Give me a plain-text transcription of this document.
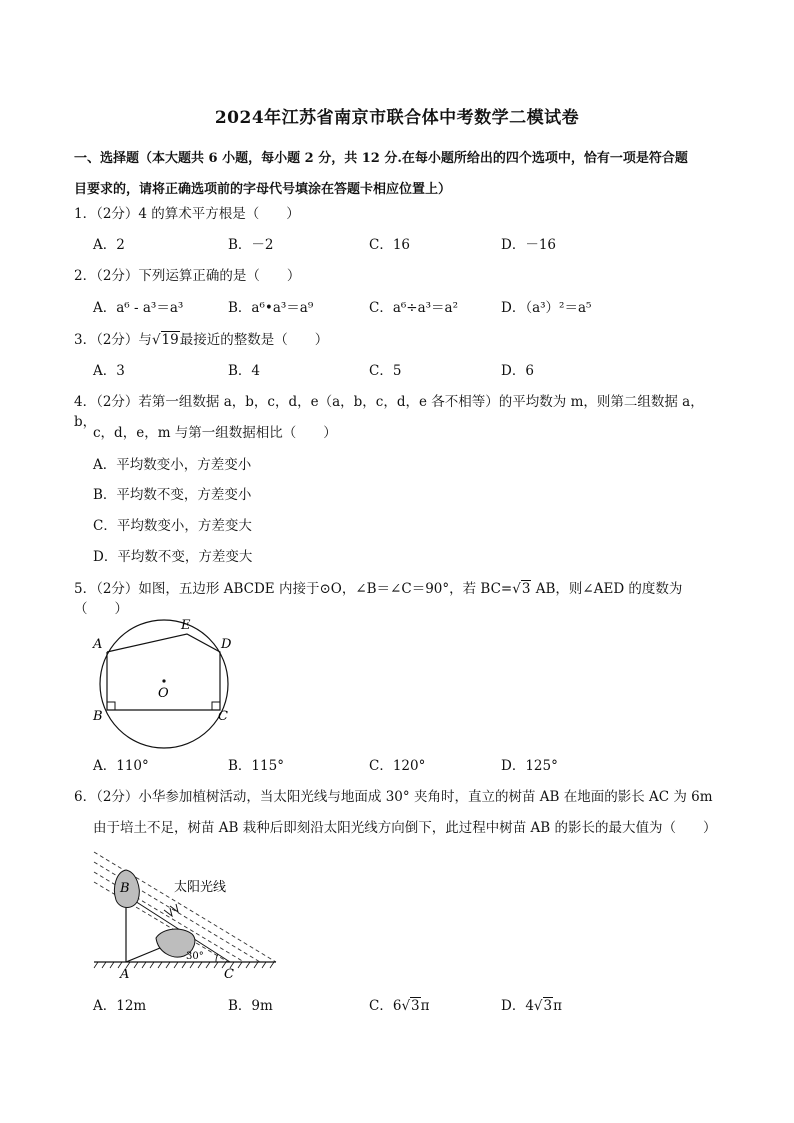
2024年江苏省南京市联合体中考数学二模试卷
一、选择题（本大题共 6 小题，每小题 2 分，共 12 分.在每小题所给出的四个选项中，恰有一项是符合题
目要求的，请将正确选项前的字母代号填涂在答题卡相应位置上）
1．（2分）4 的算术平方根是（　　）
A．2	B．－2	C．16	D．－16
2．（2分）下列运算正确的是（　　）
A．a⁶ - a³＝a³	B．a⁶•a³＝a⁹	C．a⁶÷a³＝a²	D．（a³）²＝a⁵
3．（2分）与√19最接近的整数是（　　）
A．3	B．4	C．5	D．6
4．（2分）若第一组数据 a，b，c，d，e（a，b，c，d，e 各不相等）的平均数为 m，则第二组数据 a，b，
c，d，e，m 与第一组数据相比（　　）
A．平均数变小，方差变小
B．平均数不变，方差变小
C．平均数变小，方差变大
D．平均数不变，方差变大
5．（2分）如图，五边形 ABCDE 内接于⊙O，∠B＝∠C＝90°，若 BC=√3 AB，则∠AED 的度数为（　　）
A
B	C
D
E
O
A．110°	B．115°	C．120°	D．125°
6．（2分）小华参加植树活动，当太阳光线与地面成 30° 夹角时，直立的树苗 AB 在地面的影长 AC 为 6m
由于培土不足，树苗 AB 栽种后即刻沿太阳光线方向倒下，此过程中树苗 AB 的影长的最大值为（　　）
太阳光线
30°
B
A	C
A．12m	B．9m	C．6√3π	D．4√3π
